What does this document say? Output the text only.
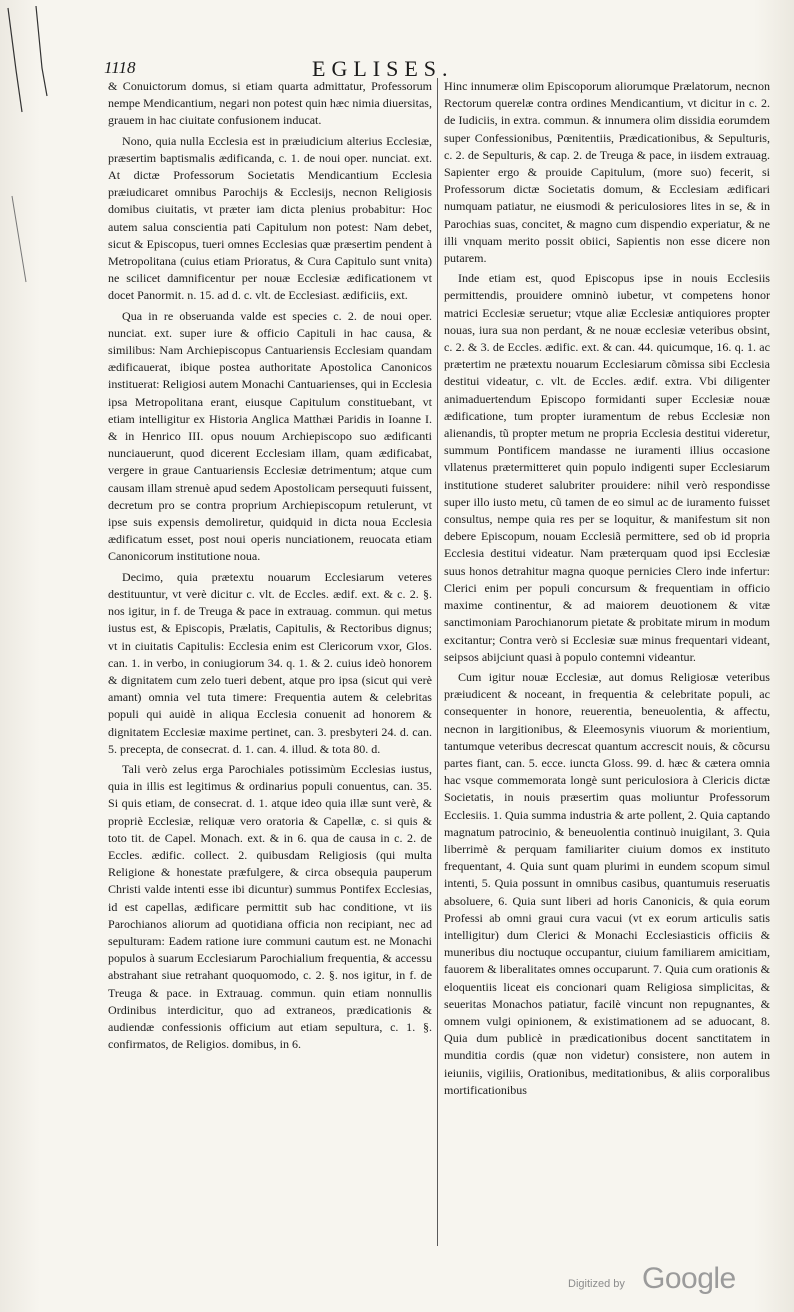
1118	EGLISES.

& Conuictorum domus, si etiam quarta admittatur, Professorum nempe Mendicantium, negari non potest quin hæc nimia diuersitas, grauem in hac ciuitate confusionem inducat.

Nono, quia nulla Ecclesia est in præiudicium alterius Ecclesiæ, præsertim baptismalis ædificanda, c. 1. de noui oper. nunciat. ext. At dictæ Professorum Societatis Mendicantium Ecclesia præiudicaret omnibus Parochijs & Ecclesijs, necnon Religiosis domibus ciuitatis, vt præter iam dicta plenius probabitur: Hoc autem salua conscientia pati Capitulum non potest: Nam debet, sicut & Episcopus, tueri omnes Ecclesias quæ præsertim pendent à Metropolitana (cuius etiam Prioratus, & Cura Capitulo sunt vnita) ne scilicet damnificentur per nouæ Ecclesiæ ædificationem vt docet Panormit. n. 15. ad d. c. vlt. de Ecclesiast. ædificiis, ext.

Qua in re obseruanda valde est species c. 2. de noui oper. nunciat. ext. super iure & officio Capituli in hac causa, & similibus: Nam Archiepiscopus Cantuariensis Ecclesiam quandam ædificauerat, ibique postea authoritate Apostolica Canonicos instituerat: Religiosi autem Monachi Cantuarienses, qui in Ecclesia ipsa Metropolitana erant, eiusque Capitulum constituebant, vt etiam intelligitur ex Historia Anglica Matthæi Paridis in Ioanne I. & in Henrico III. opus nouum Archiepiscopo suo ædificanti nunciauerunt, quod dicerent Ecclesiam illam, quam ædificabat, vergere in graue Cantuariensis Ecclesiæ detrimentum; atque cum causam illam strenuè apud sedem Apostolicam persequuti fuissent, decretum pro se contra proprium Archiepiscopum retulerunt, vt ipse suis expensis demoliretur, quidquid in dicta noua Ecclesia ædificatum esset, post noui operis nunciationem, reuocata etiam Canonicorum institutione noua.

Decimo, quia prætextu nouarum Ecclesiarum veteres destituuntur, vt verè dicitur c. vlt. de Eccles. ædif. ext. & c. 2. §. nos igitur, in f. de Treuga & pace in extrauag. commun. qui metus iustus est, & Episcopis, Prælatis, Capitulis, & Rectoribus dignus; vt in ciuitatis Capitulis: Ecclesia enim est Clericorum vxor, Glos. can. 1. in verbo, in coniugiorum 34. q. 1. & 2. cuius ideò honorem & dignitatem cum zelo tueri debent, atque pro ipsa (sicut qui verè amant) omnia vel tuta timere: Frequentia autem & celebritas populi qui auidè in aliqua Ecclesia conuenit ad honorem & dignitatem Ecclesiæ maxime pertinet, can. 3. presbyteri 24. d. can. 5. precepta, de consecrat. d. 1. can. 4. illud. & tota 80. d.

Tali verò zelus erga Parochiales potissimùm Ecclesias iustus, quia in illis est legitimus & ordinarius populi conuentus, can. 35. Si quis etiam, de consecrat. d. 1. atque ideo quia illæ sunt verè, & propriè Ecclesiæ, reliquæ vero oratoria & Capellæ, c. si quis & toto tit. de Capel. Monach. ext. & in 6. qua de causa in c. 2. de Eccles. ædific. collect. 2. quibusdam Religiosis (qui multa Religione & honestate præfulgere, & circa obsequia pauperum Christi valde intenti esse ibi dicuntur) summus Pontifex Ecclesias, id est capellas, ædificare permittit sub hac conditione, vt iis Parochianos aliorum ad quotidiana officia non recipiant, nec ad sepulturam: Eadem ratione iure communi cautum est. ne Monachi populos à suarum Ecclesiarum Parochialium frequentia, & accessu abstrahant siue retrahant quoquomodo, c. 2. §. nos igitur, in f. de Treuga & pace. in Extrauag. commun. quin etiam nonnullis Ordinibus interdicitur, quo ad extraneos, prædicationis & audiendæ confessionis officium aut etiam sepultura, c. 1. §. confirmatos, de Religios. domibus, in 6.

Hinc innumeræ olim Episcoporum aliorumque Prælatorum, necnon Rectorum querelæ contra ordines Mendicantium, vt dicitur in c. 2. de Iudiciis, in extra. commun. & innumera olim dissidia eorumdem super Confessionibus, Pœnitentiis, Prædicationibus, & Sepulturis, c. 2. de Sepulturis, & cap. 2. de Treuga & pace, in iisdem extrauag. Sapienter ergo & prouide Capitulum, (more suo) fecerit, si Professorum dictæ Societatis domum, & Ecclesiam ædificari numquam patiatur, ne eiusmodi & periculosiores lites in se, & in Parochias suas, concitet, & magno cum dispendio experiatur, & ne illi vnquam merito possit obiici, Sapientis non esse dicere non putarem.

Inde etiam est, quod Episcopus ipse in nouis Ecclesiis permittendis, prouidere omninò iubetur, vt competens honor matrici Ecclesiæ seruetur; vtque aliæ Ecclesiæ antiquiores propter nouas, iura sua non perdant, & ne nouæ ecclesiæ veteribus obsint, c. 2. & 3. de Eccles. ædific. ext. & can. 44. quicumque, 16. q. 1. ac prætertim ne prætextu nouarum Ecclesiarum cõmissa sibi Ecclesia destitui videatur, c. vlt. de Eccles. ædif. extra. Vbi diligenter animaduertendum Episcopo formidanti super Ecclesiæ nouæ ædificatione, tum propter iuramentum de rebus Ecclesiæ non alienandis, tũ propter metum ne propria Ecclesia destitui videretur, summum Pontificem mandasse ne iuramenti illius occasione vllatenus prætermitteret quin populo indigenti super Ecclesiarum institutione studeret salubriter prouidere: nihil verò respondisse super illo iusto metu, cũ tamen de eo simul ac de iuramento fuisset consultus, nempe quia res per se loquitur, & manifestum sit non debere Episcopum, nouam Ecclesiã permittere, sed ob id propria Ecclesia destitui videatur. Nam præterquam quod ipsi Ecclesiæ suus honos detrahitur magna quoque pernicies Clero inde infertur: Clerici enim per populi concursum & frequentiam in officio maxime continentur, & ad maiorem deuotionem & vitæ sanctimoniam Parochianorum pietate & probitate mirum in modum excitantur; Contra verò si Ecclesiæ suæ minus frequentari videant, seipsos abijciunt quasi à populo contemni videantur.

Cum igitur nouæ Ecclesiæ, aut domus Religiosæ veteribus præiudicent & noceant, in frequentia & celebritate populi, ac consequenter in honore, reuerentia, beneuolentia, & affectu, necnon in largitionibus, & Eleemosynis viuorum & morientium, tantumque veteribus decrescat quantum accrescit nouis, & cõcursu partes fiant, can. 5. ecce. iuncta Gloss. 99. d. hæc & cætera omnia hac vsque commemorata longè sunt periculosiora à Clericis dictæ Societatis, in nouis præsertim quas moliuntur Professorum Ecclesiis. 1. Quia summa industria & arte pollent, 2. Quia captando magnatum patrocinio, & beneuolentia continuò inuigilant, 3. Quia liberrimè & perquam familiariter ciuium domos ex instituto frequentant, 4. Quia sunt quam plurimi in eundem scopum simul intenti, 5. Quia possunt in omnibus casibus, quantumuis reseruatis absoluere, 6. Quia sunt liberi ad horis Canonicis, & quia eorum Professi ab omni graui cura vacui (vt ex eorum articulis satis intelligitur) dum Clerici & Monachi Ecclesiasticis officiis & muneribus diu noctuque occupantur, ciuium familiarem amicitiam, fauorem & liberalitates omnes occuparunt. 7. Quia cum orationis & eloquentiis liceat eis concionari quam Religiosa simplicitas, & seueritas Monachos patiatur, facilè vincunt non repugnantes, & omnem vulgi opinionem, & existimationem ad se aduocant, 8. Quia dum publicè in prædicationibus docent sanctitatem in munditia cordis (quæ non videtur) consistere, non autem in ieiuniis, vigiliis, Orationibus, meditationibus, & aliis corporalibus mortificationibus

Digitized by Google
